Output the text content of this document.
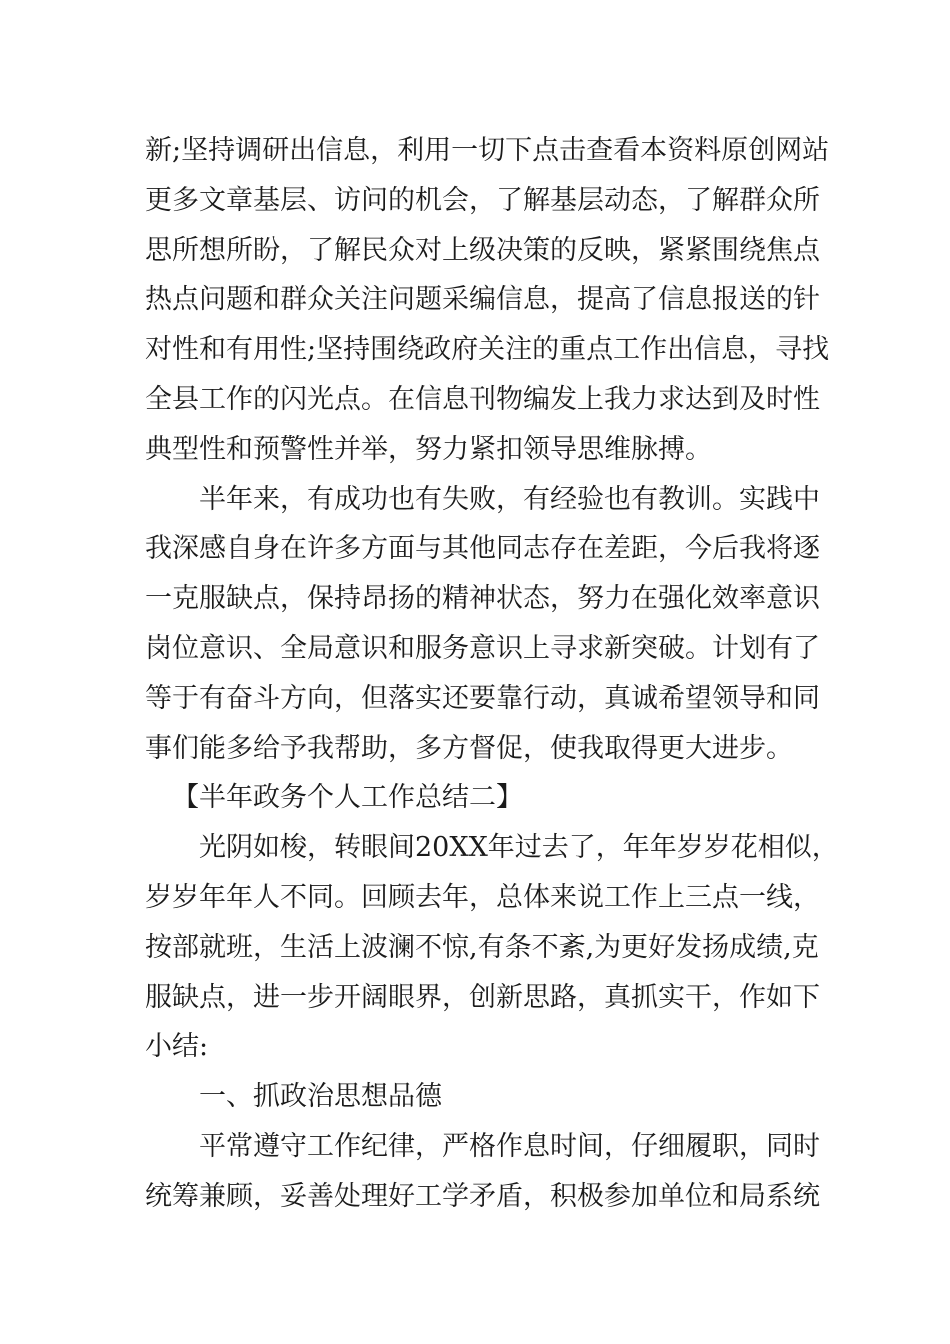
新;坚持调研出信息，利用一切下点击查看本资料原创网站
更多文章基层、访问的机会，了解基层动态，了解群众所
思所想所盼，了解民众对上级决策的反映，紧紧围绕焦点
热点问题和群众关注问题采编信息，提高了信息报送的针
对性和有用性;坚持围绕政府关注的重点工作出信息，寻找
全县工作的闪光点。在信息刊物编发上我力求达到及时性
典型性和预警性并举，努力紧扣领导思维脉搏。
半年来，有成功也有失败，有经验也有教训。实践中
我深感自身在许多方面与其他同志存在差距，今后我将逐
一克服缺点，保持昂扬的精神状态，努力在强化效率意识
岗位意识、全局意识和服务意识上寻求新突破。计划有了
等于有奋斗方向，但落实还要靠行动，真诚希望领导和同
事们能多给予我帮助，多方督促，使我取得更大进步。
【半年政务个人工作总结二】
光阴如梭，转眼间20XX年过去了，年年岁岁花相似，
岁岁年年人不同。回顾去年，总体来说工作上三点一线，
按部就班，生活上波澜不惊,有条不紊,为更好发扬成绩,克
服缺点，进一步开阔眼界，创新思路，真抓实干，作如下
小结:
一、抓政治思想品德
平常遵守工作纪律，严格作息时间，仔细履职，同时
统筹兼顾，妥善处理好工学矛盾，积极参加单位和局系统
